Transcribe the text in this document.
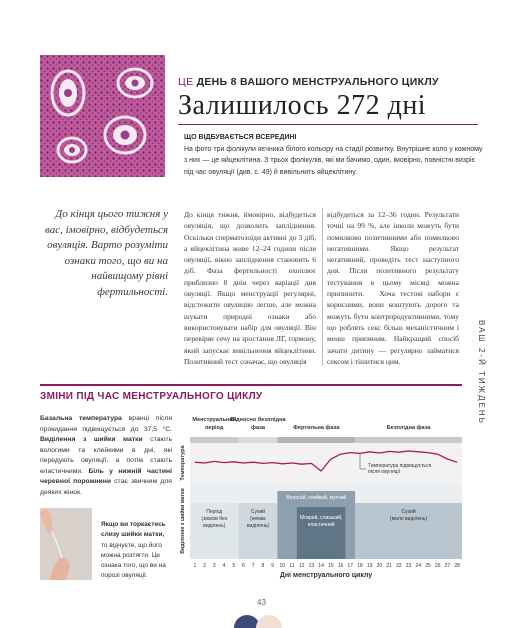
ЦЕ ДЕНЬ 8 ВАШОГО МЕНСТРУАЛЬНОГО ЦИКЛУ
Залишилось 272 дні
ЩО ВІДБУВАЄТЬСЯ ВСЕРЕДИНІ
На фото три фолікули яєчника білого кольору на стадії розвитку. Внутрішнє коло у кожному з них — це яйцеклітина. З трьох фолікулів, які ми бачимо, один, імовірно, повністю визріє під час овуляції (див. с. 49) й вивільнить яйцеклітину.
До кінця цього тижня у вас, імовірно, відбудеться овуляція. Варто розуміти ознаки того, що ви на найвищому рівні фертильності.
До кінця тижня, ймовірно, відбудеться овуляція, що дозволить запліднення. Оскільки сперматозоїди активні до 3 діб, а яйцеклітина живе 12–24 години після овуляції, вікно запліднення становить 6 діб. Фаза фертильності охоплює приблизно 8 днів через варіації дня овуляції. Якщо менструації регулярні, відстежити овуляцію легше, але можна шукати природні ознаки або використовувати набір для овуляції. Він перевіряє сечу на зростання ЛГ, гормону, який запускає вивільнення яйцеклітини. Позитивний тест означає, що овуляція
відбудеться за 12–36 годин. Результати точні на 99 %, але інколи можуть бути помилково позитивними або помилково негативними. Якщо результат негативний, проведіть тест наступного дня. Після позитивного результату тестування в цьому місяці можна припинити.   Хоча тестові набори є корисними, вони коштують дорого та можуть бути контрпродуктивними, тому що роблять секс більш механістичним і менш приємним. Найкращий спосіб зачати дитину — регулярно займатися сексом і тішитися цим.	ВАШ 2-Й ТИЖДЕНЬ
ЗМІНИ ПІД ЧАС МЕНСТРУАЛЬНОГО ЦИКЛУ
Базальна температура вранці після прокидання підвищується до 37,5 °С. Виділення з шийки матки стають вологими та клейкими в дні, які передують овуляції, а потім стають еластичними. Біль у нижній частині черевної порожнини стає звичним для деяких жінок.
Якщо ви торкаєтесь слизу шийки матки, то відчуєте, що його можна розтягти. Це ознака того, що ви на порозі овуляції.
Менструальний
період
Відносно безплідна
фаза	Фертильна фаза	Безплідна фаза
Температура підвищується
після овуляції
Період
(зовсім без
виділень)
Сухий
(немає
виділень)
Вологий, клейкий, мутний
Мокрий, слизький,
еластичний
Сухий
(мало виділень)
Температура
Виділення з шийки матки
1 2 3 4 5 6 7 8 9 10 11 12 13 14 15 16 17 18 19 20 21 22 23 24 25 26 27 28
Дні менструального циклу
43
